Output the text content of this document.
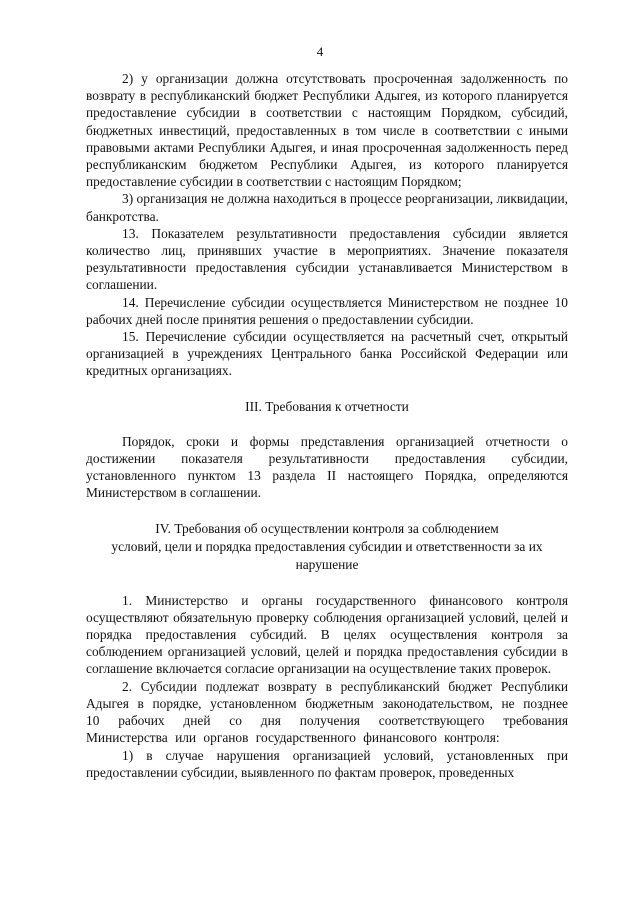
4

2) у организации должна отсутствовать просроченная задолженность по возврату в республиканский бюджет Республики Адыгея, из которого планируется предоставление субсидии в соответствии с настоящим Порядком, субсидий, бюджетных инвестиций, предоставленных в том числе в соответствии с иными правовыми актами Республики Адыгея, и иная просроченная задолженность перед республиканским бюджетом Республики Адыгея, из которого планируется предоставление субсидии в соответствии с настоящим Порядком;

3) организация не должна находиться в процессе реорганизации, ликвидации, банкротства.

13. Показателем результативности предоставления субсидии является количество лиц, принявших участие в мероприятиях. Значение показателя результативности предоставления субсидии устанавливается Министерством в соглашении.

14. Перечисление субсидии осуществляется Министерством не позднее 10 рабочих дней после принятия решения о предоставлении субсидии.

15. Перечисление субсидии осуществляется на расчетный счет, открытый организацией в учреждениях Центрального банка Российской Федерации или кредитных организациях.

III. Требования к отчетности

Порядок, сроки и формы представления организацией отчетности о достижении показателя результативности предоставления субсидии, установленного пунктом 13 раздела II настоящего Порядка, определяются Министерством в соглашении.

IV. Требования об осуществлении контроля за соблюдением

условий, цели и порядка предоставления субсидии и ответственности за их

нарушение

1. Министерство и органы государственного финансового контроля осуществляют обязательную проверку соблюдения организацией условий, целей и порядка предоставления субсидий. В целях осуществления контроля за соблюдением организацией условий, целей и порядка предоставления субсидии в соглашение включается согласие организации на осуществление таких проверок.

2. Субсидии подлежат возврату в республиканский бюджет Республики Адыгея в порядке, установленном бюджетным законодательством, не позднее 10 рабочих дней со дня получения соответствующего требования Министерства или органов государственного финансового контроля:

1) в случае нарушения организацией условий, установленных при предоставлении субсидии, выявленного по фактам проверок, проведенных
